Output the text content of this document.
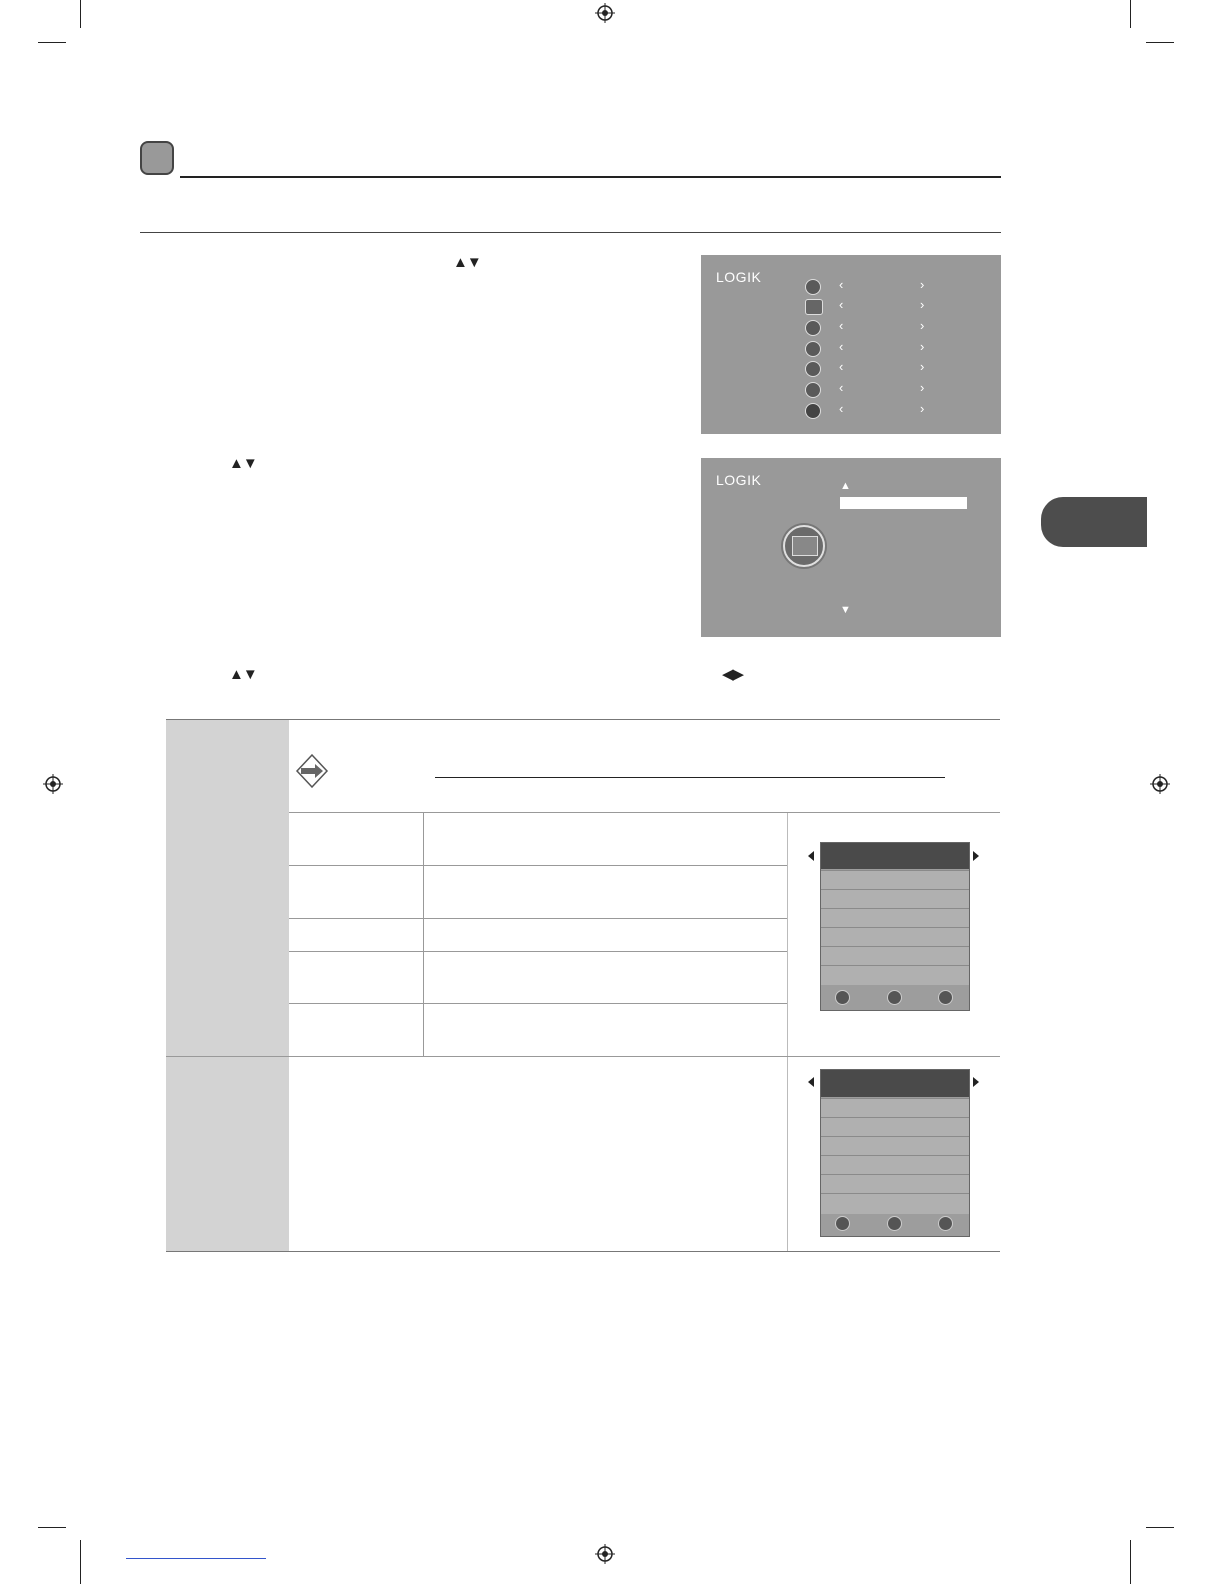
▲▼
▲▼
▲▼	◀▶
LOGIK	‹	›
‹	›
‹	›
‹	›
‹	›
‹	›
‹	›
LOGIK	▲
▼
